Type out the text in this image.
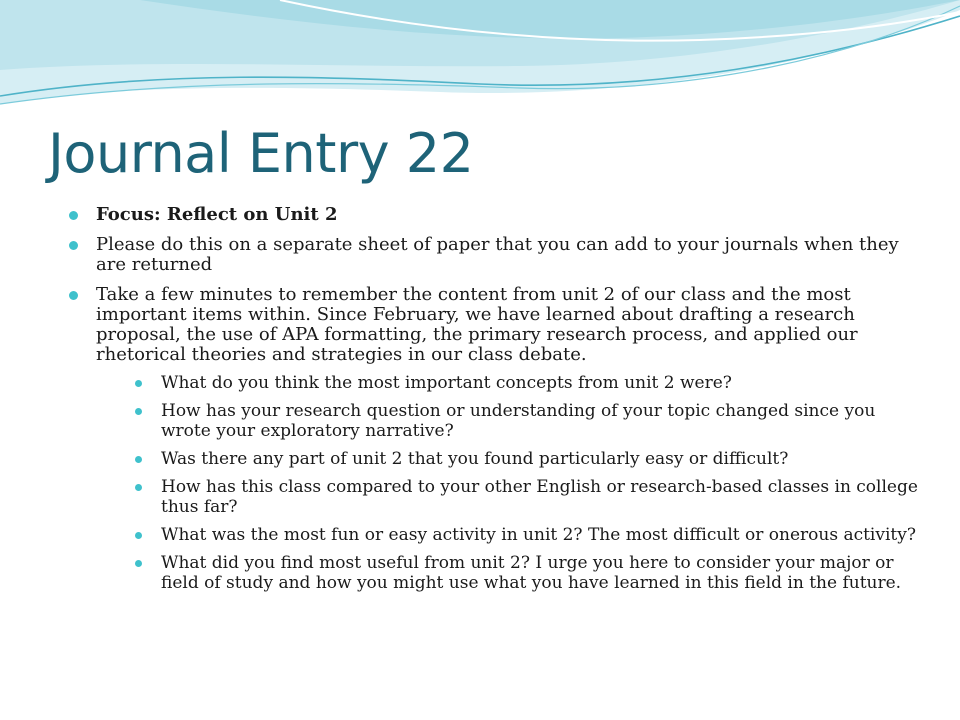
Journal Entry 22
Focus: Reflect on Unit 2
Please do this on a separate sheet of paper that you can add to your journals when they are returned
Take a few minutes to remember the content from unit 2 of our class and the most important items within. Since February, we have learned about drafting a research proposal, the use of APA formatting, the primary research process, and applied our rhetorical theories and strategies in our class debate.
What do you think the most important concepts from unit 2 were?
How has your research question or understanding of your topic changed since you wrote your exploratory narrative?
Was there any part of unit 2 that you found particularly easy or difficult?
How has this class compared to your other English or research-based classes in college thus far?
What was the most fun or easy activity in unit 2? The most difficult or onerous activity?
What did you find most useful from unit 2? I urge you here to consider your major or field of study and how you might use what you have learned in this field in the future.
